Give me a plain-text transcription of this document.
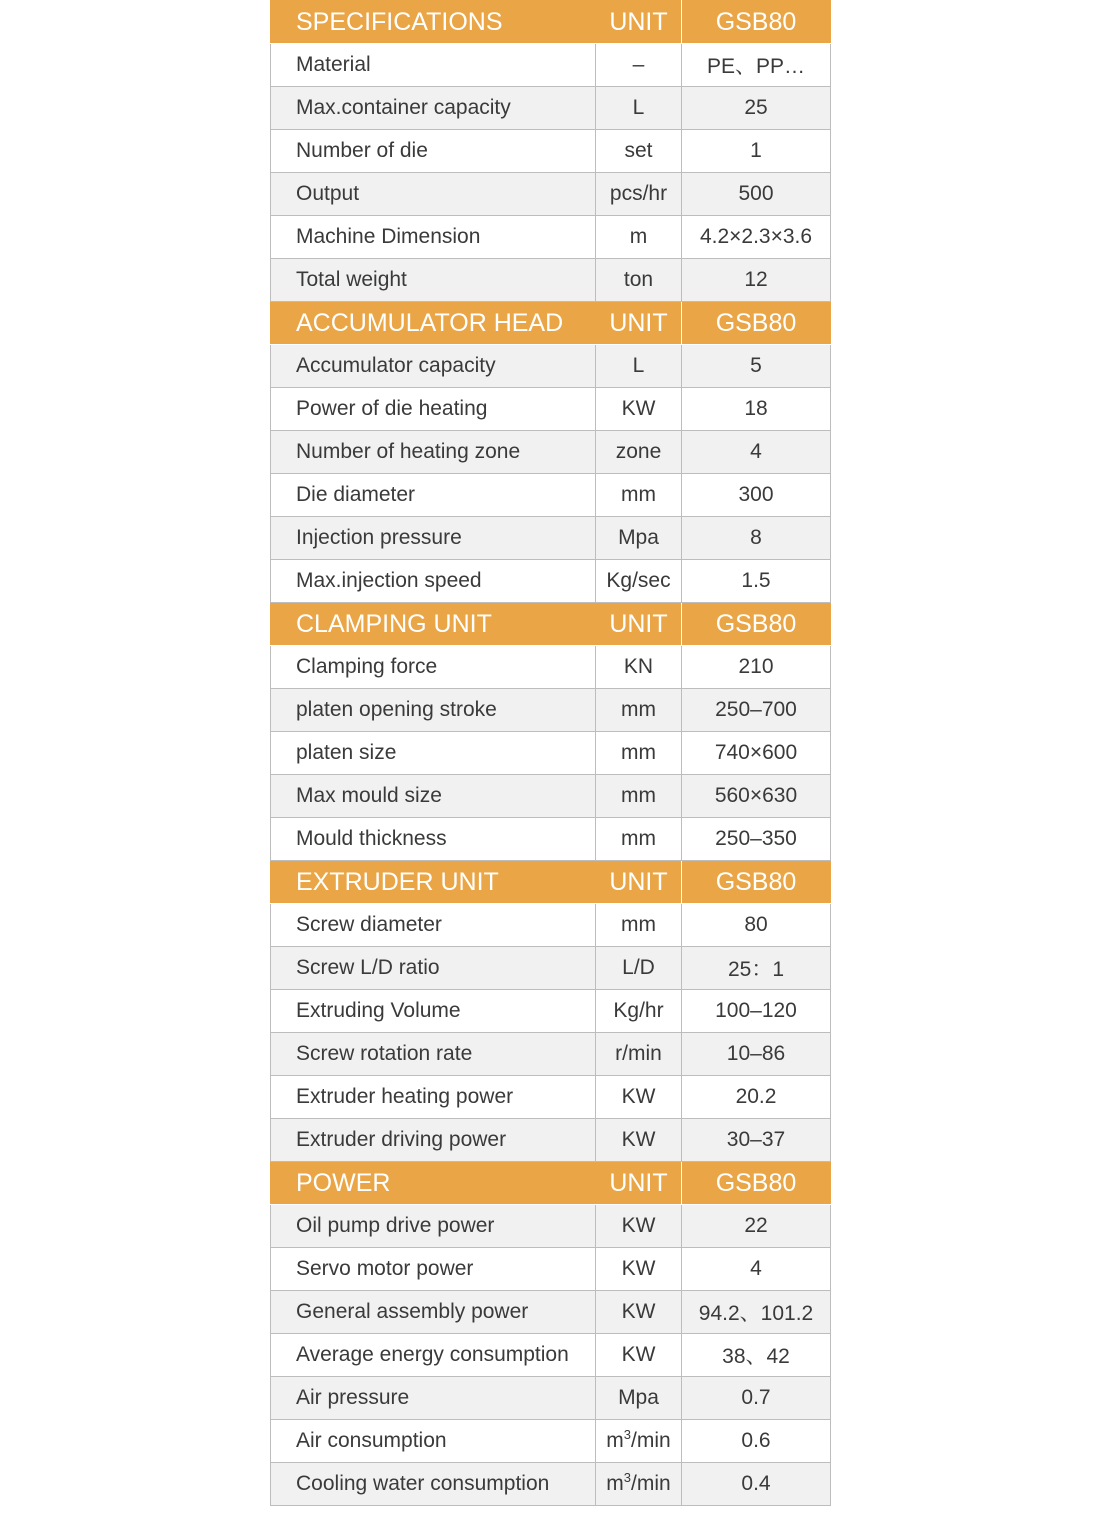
SPECIFICATIONS	UNIT	GSB80
Material	–	PE、PP…
Max.container capacity	L	25
Number of die	set	1
Output	pcs/hr	500
Machine Dimension	m	4.2×2.3×3.6
Total weight	ton	12
ACCUMULATOR HEAD	UNIT	GSB80
Accumulator capacity	L	5
Power of die heating	KW	18
Number of heating zone	zone	4
Die diameter	mm	300
Injection pressure	Mpa	8
Max.injection speed	Kg/sec	1.5
CLAMPING UNIT	UNIT	GSB80
Clamping force	KN	210
platen opening stroke	mm	250–700
platen size	mm	740×600
Max mould size	mm	560×630
Mould thickness	mm	250–350
EXTRUDER UNIT	UNIT	GSB80
Screw diameter	mm	80
Screw L/D ratio	L/D	25：1
Extruding Volume	Kg/hr	100–120
Screw rotation rate	r/min	10–86
Extruder heating power	KW	20.2
Extruder driving power	KW	30–37
POWER	UNIT	GSB80
Oil pump drive power	KW	22
Servo motor power	KW	4
General assembly power	KW	94.2、101.2
Average energy consumption	KW	38、42
Air pressure	Mpa	0.7
Air consumption	$m^3/\min$	0.6
Cooling water consumption	$m^3/\min$	0.4
